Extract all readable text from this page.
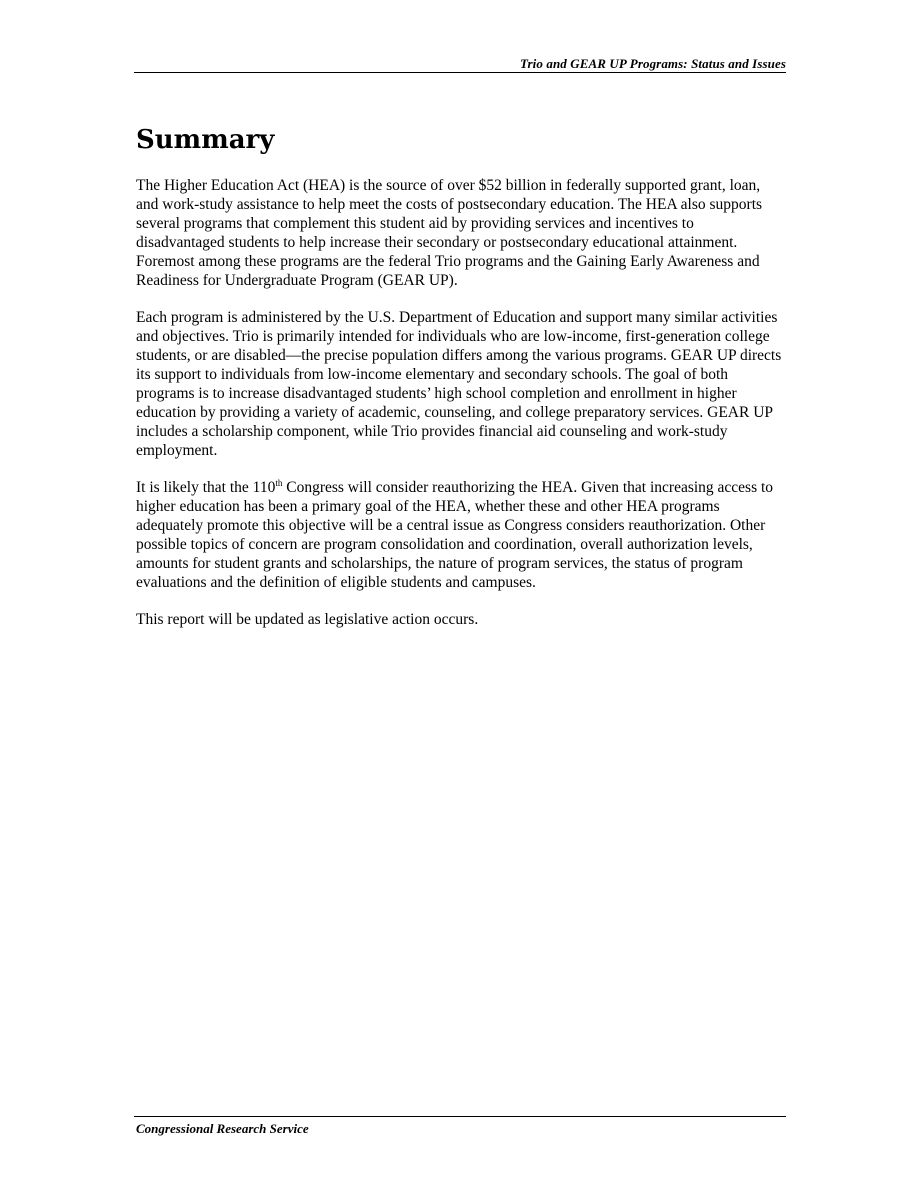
Trio and GEAR UP Programs: Status and Issues
Summary

The Higher Education Act (HEA) is the source of over $52 billion in federally supported grant, loan, and work-study assistance to help meet the costs of postsecondary education. The HEA also supports several programs that complement this student aid by providing services and incentives to disadvantaged students to help increase their secondary or postsecondary educational attainment. Foremost among these programs are the federal Trio programs and the Gaining Early Awareness and Readiness for Undergraduate Program (GEAR UP).

Each program is administered by the U.S. Department of Education and support many similar activities and objectives. Trio is primarily intended for individuals who are low-income, first-generation college students, or are disabled—the precise population differs among the various programs. GEAR UP directs its support to individuals from low-income elementary and secondary schools. The goal of both programs is to increase disadvantaged students’ high school completion and enrollment in higher education by providing a variety of academic, counseling, and college preparatory services. GEAR UP includes a scholarship component, while Trio provides financial aid counseling and work-study employment.

It is likely that the 110th Congress will consider reauthorizing the HEA. Given that increasing access to higher education has been a primary goal of the HEA, whether these and other HEA programs adequately promote this objective will be a central issue as Congress considers reauthorization. Other possible topics of concern are program consolidation and coordination, overall authorization levels, amounts for student grants and scholarships, the nature of program services, the status of program evaluations and the definition of eligible students and campuses.

This report will be updated as legislative action occurs.

Congressional Research Service
